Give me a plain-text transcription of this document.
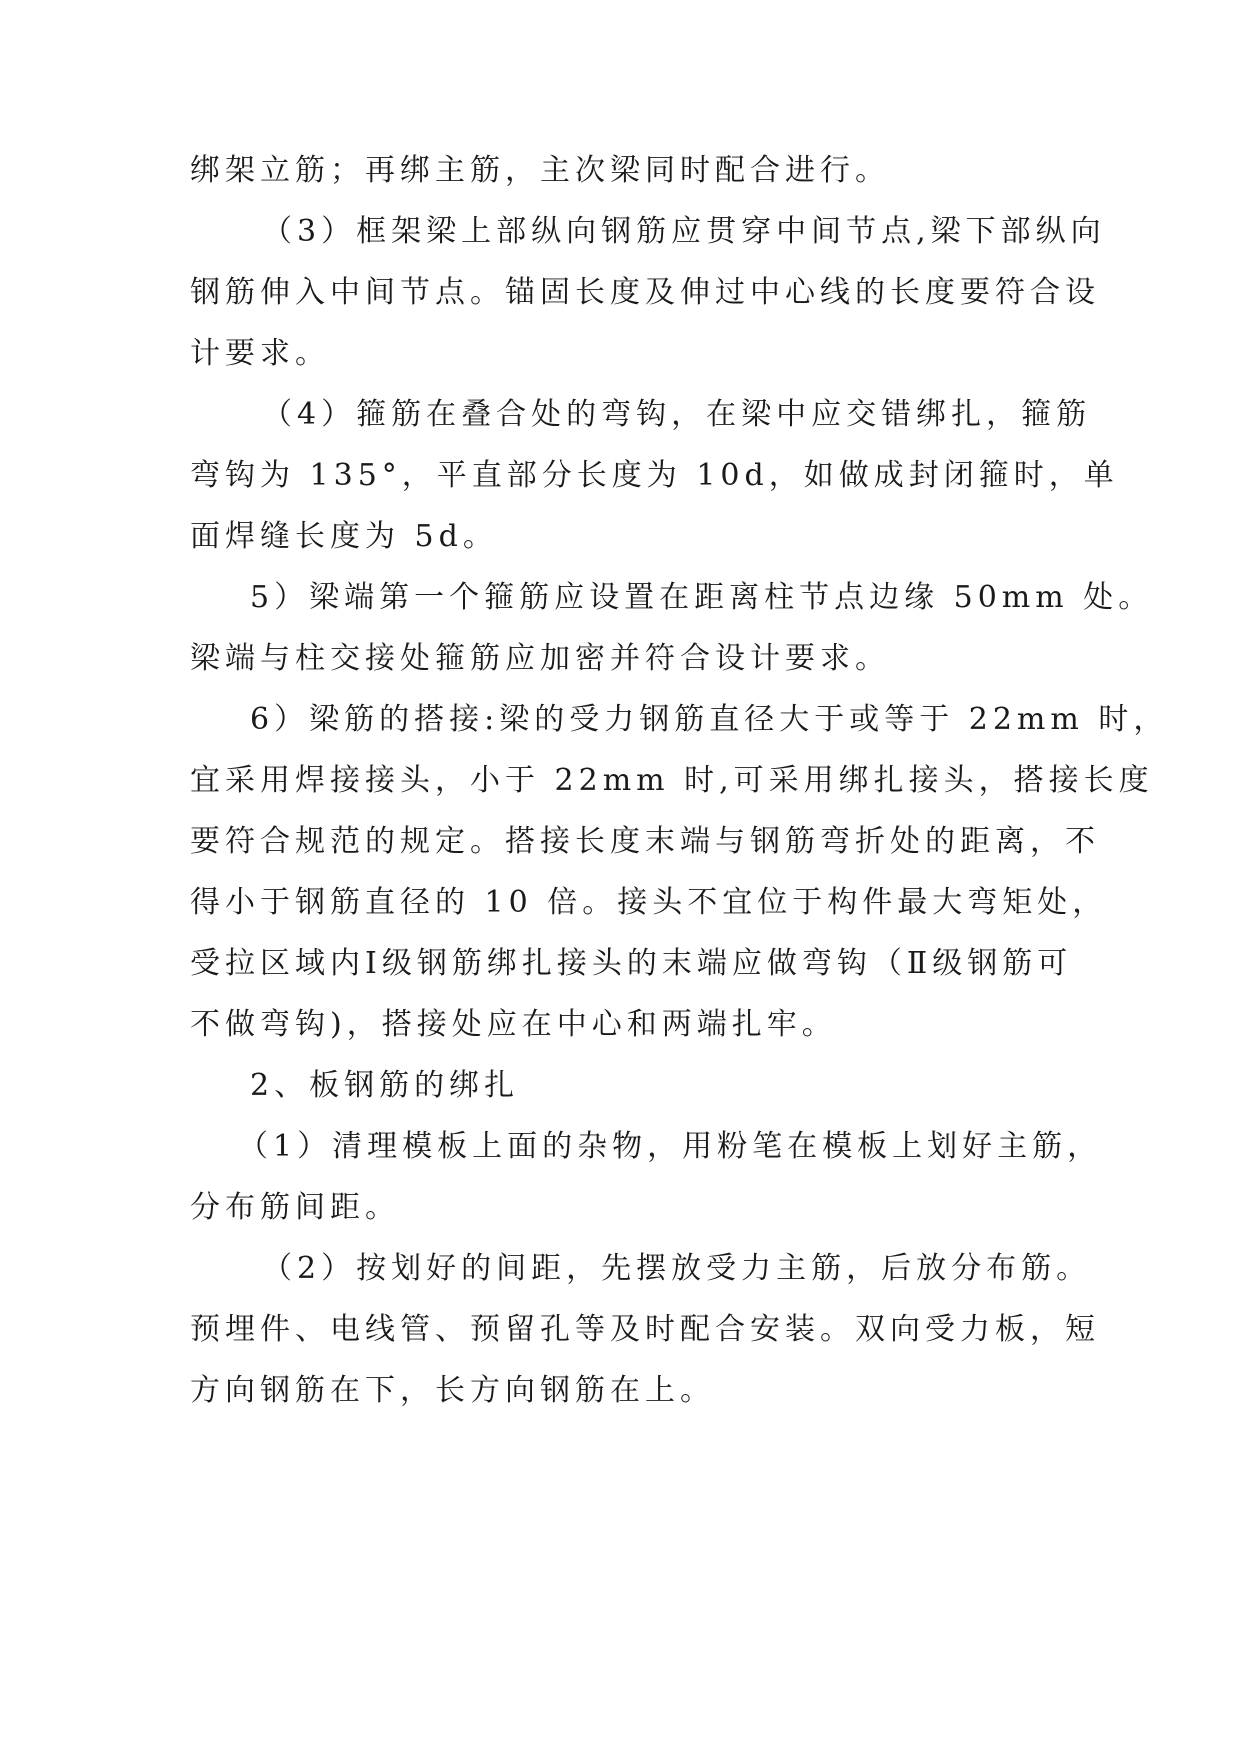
绑架立筋；再绑主筋，主次梁同时配合进行。
（3）框架梁上部纵向钢筋应贯穿中间节点,梁下部纵向
钢筋伸入中间节点。锚固长度及伸过中心线的长度要符合设
计要求。
（4）箍筋在叠合处的弯钩，在梁中应交错绑扎，箍筋
弯钩为 135°，平直部分长度为 10d，如做成封闭箍时，单
面焊缝长度为 5d。
5）梁端第一个箍筋应设置在距离柱节点边缘 50mm 处。
梁端与柱交接处箍筋应加密并符合设计要求。
6）梁筋的搭接:梁的受力钢筋直径大于或等于 22mm 时，
宜采用焊接接头，小于 22mm 时,可采用绑扎接头，搭接长度
要符合规范的规定。搭接长度末端与钢筋弯折处的距离，不
得小于钢筋直径的 10 倍。接头不宜位于构件最大弯矩处，
受拉区域内Ⅰ级钢筋绑扎接头的末端应做弯钩（Ⅱ级钢筋可
不做弯钩)，搭接处应在中心和两端扎牢。
2、板钢筋的绑扎
（1）清理模板上面的杂物，用粉笔在模板上划好主筋，
分布筋间距。
（2）按划好的间距，先摆放受力主筋，后放分布筋。
预埋件、电线管、预留孔等及时配合安装。双向受力板，短
方向钢筋在下，长方向钢筋在上。
